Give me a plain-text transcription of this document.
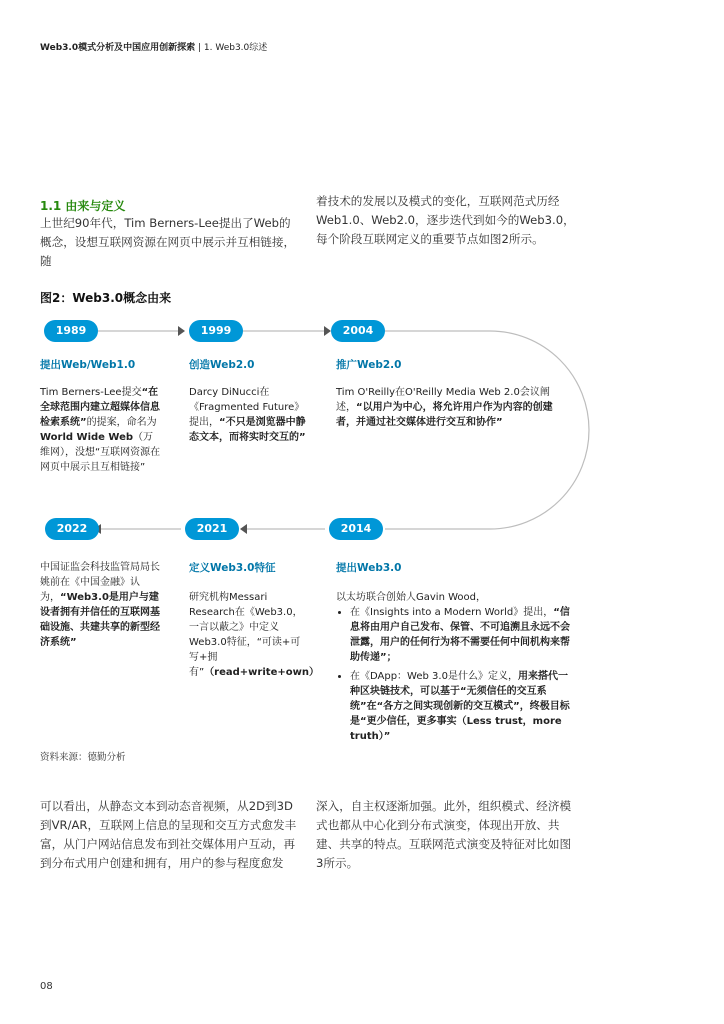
Web3.0模式分析及中国应用创新探索 | 1. Web3.0综述
1.1 由来与定义
上世纪90年代，Tim Berners-Lee提出了Web的概念，设想互联网资源在网页中展示并互相链接，随
着技术的发展以及模式的变化，互联网范式历经Web1.0、Web2.0，逐步迭代到如今的Web3.0，每个阶段互联网定义的重要节点如图2所示。
图2：Web3.0概念由来
1989
提出Web/Web1.0
Tim Berners-Lee提交“在全球范围内建立超媒体信息检索系统”的提案，命名为 World Wide Web（万维网），没想“互联网资源在网页中展示且互相链接”
1999
创造Web2.0
Darcy DiNucci在《Fragmented Future》提出，“不只是浏览器中静态文本，而将实时交互的”
2004
推广Web2.0
Tim O'Reilly在O'Reilly Media Web 2.0会议阐述，“以用户为中心，将允许用户作为内容的创建者，并通过社交媒体进行交互和协作”
2022
中国证监会科技监管局局长姚前在《中国金融》认为，“Web3.0是用户与建设者拥有并信任的互联网基础设施、共建共享的新型经济系统”
2021
定义Web3.0特征
研究机构Messari Research在《Web3.0，一言以蔽之》中定义Web3.0特征，“可读+可写+拥有”（read+write+own）
2014
提出Web3.0
以太坊联合创始人Gavin Wood，
• 在《Insights into a Modern World》提出，“信息将由用户自己发布、保管、不可追溯且永远不会泄露，用户的任何行为将不需要任何中间机构来帮助传递”；
• 在《DApp：Web 3.0是什么》定义，用来搭代一种区块链技术，可以基于“无须信任的交互系统”在“各方之间实现创新的交互模式”，终极目标是“更少信任，更多事实（Less trust，more truth）”
资料来源：德勤分析
可以看出，从静态文本到动态音视频，从2D到3D到VR/AR，互联网上信息的呈现和交互方式愈发丰富，从门户网站信息发布到社交媒体用户互动，再到分布式用户创建和拥有，用户的参与程度愈发
深入，自主权逐渐加强。此外，组织模式、经济模式也都从中心化到分布式演变，体现出开放、共建、共享的特点。互联网范式演变及特征对比如图3所示。
08
